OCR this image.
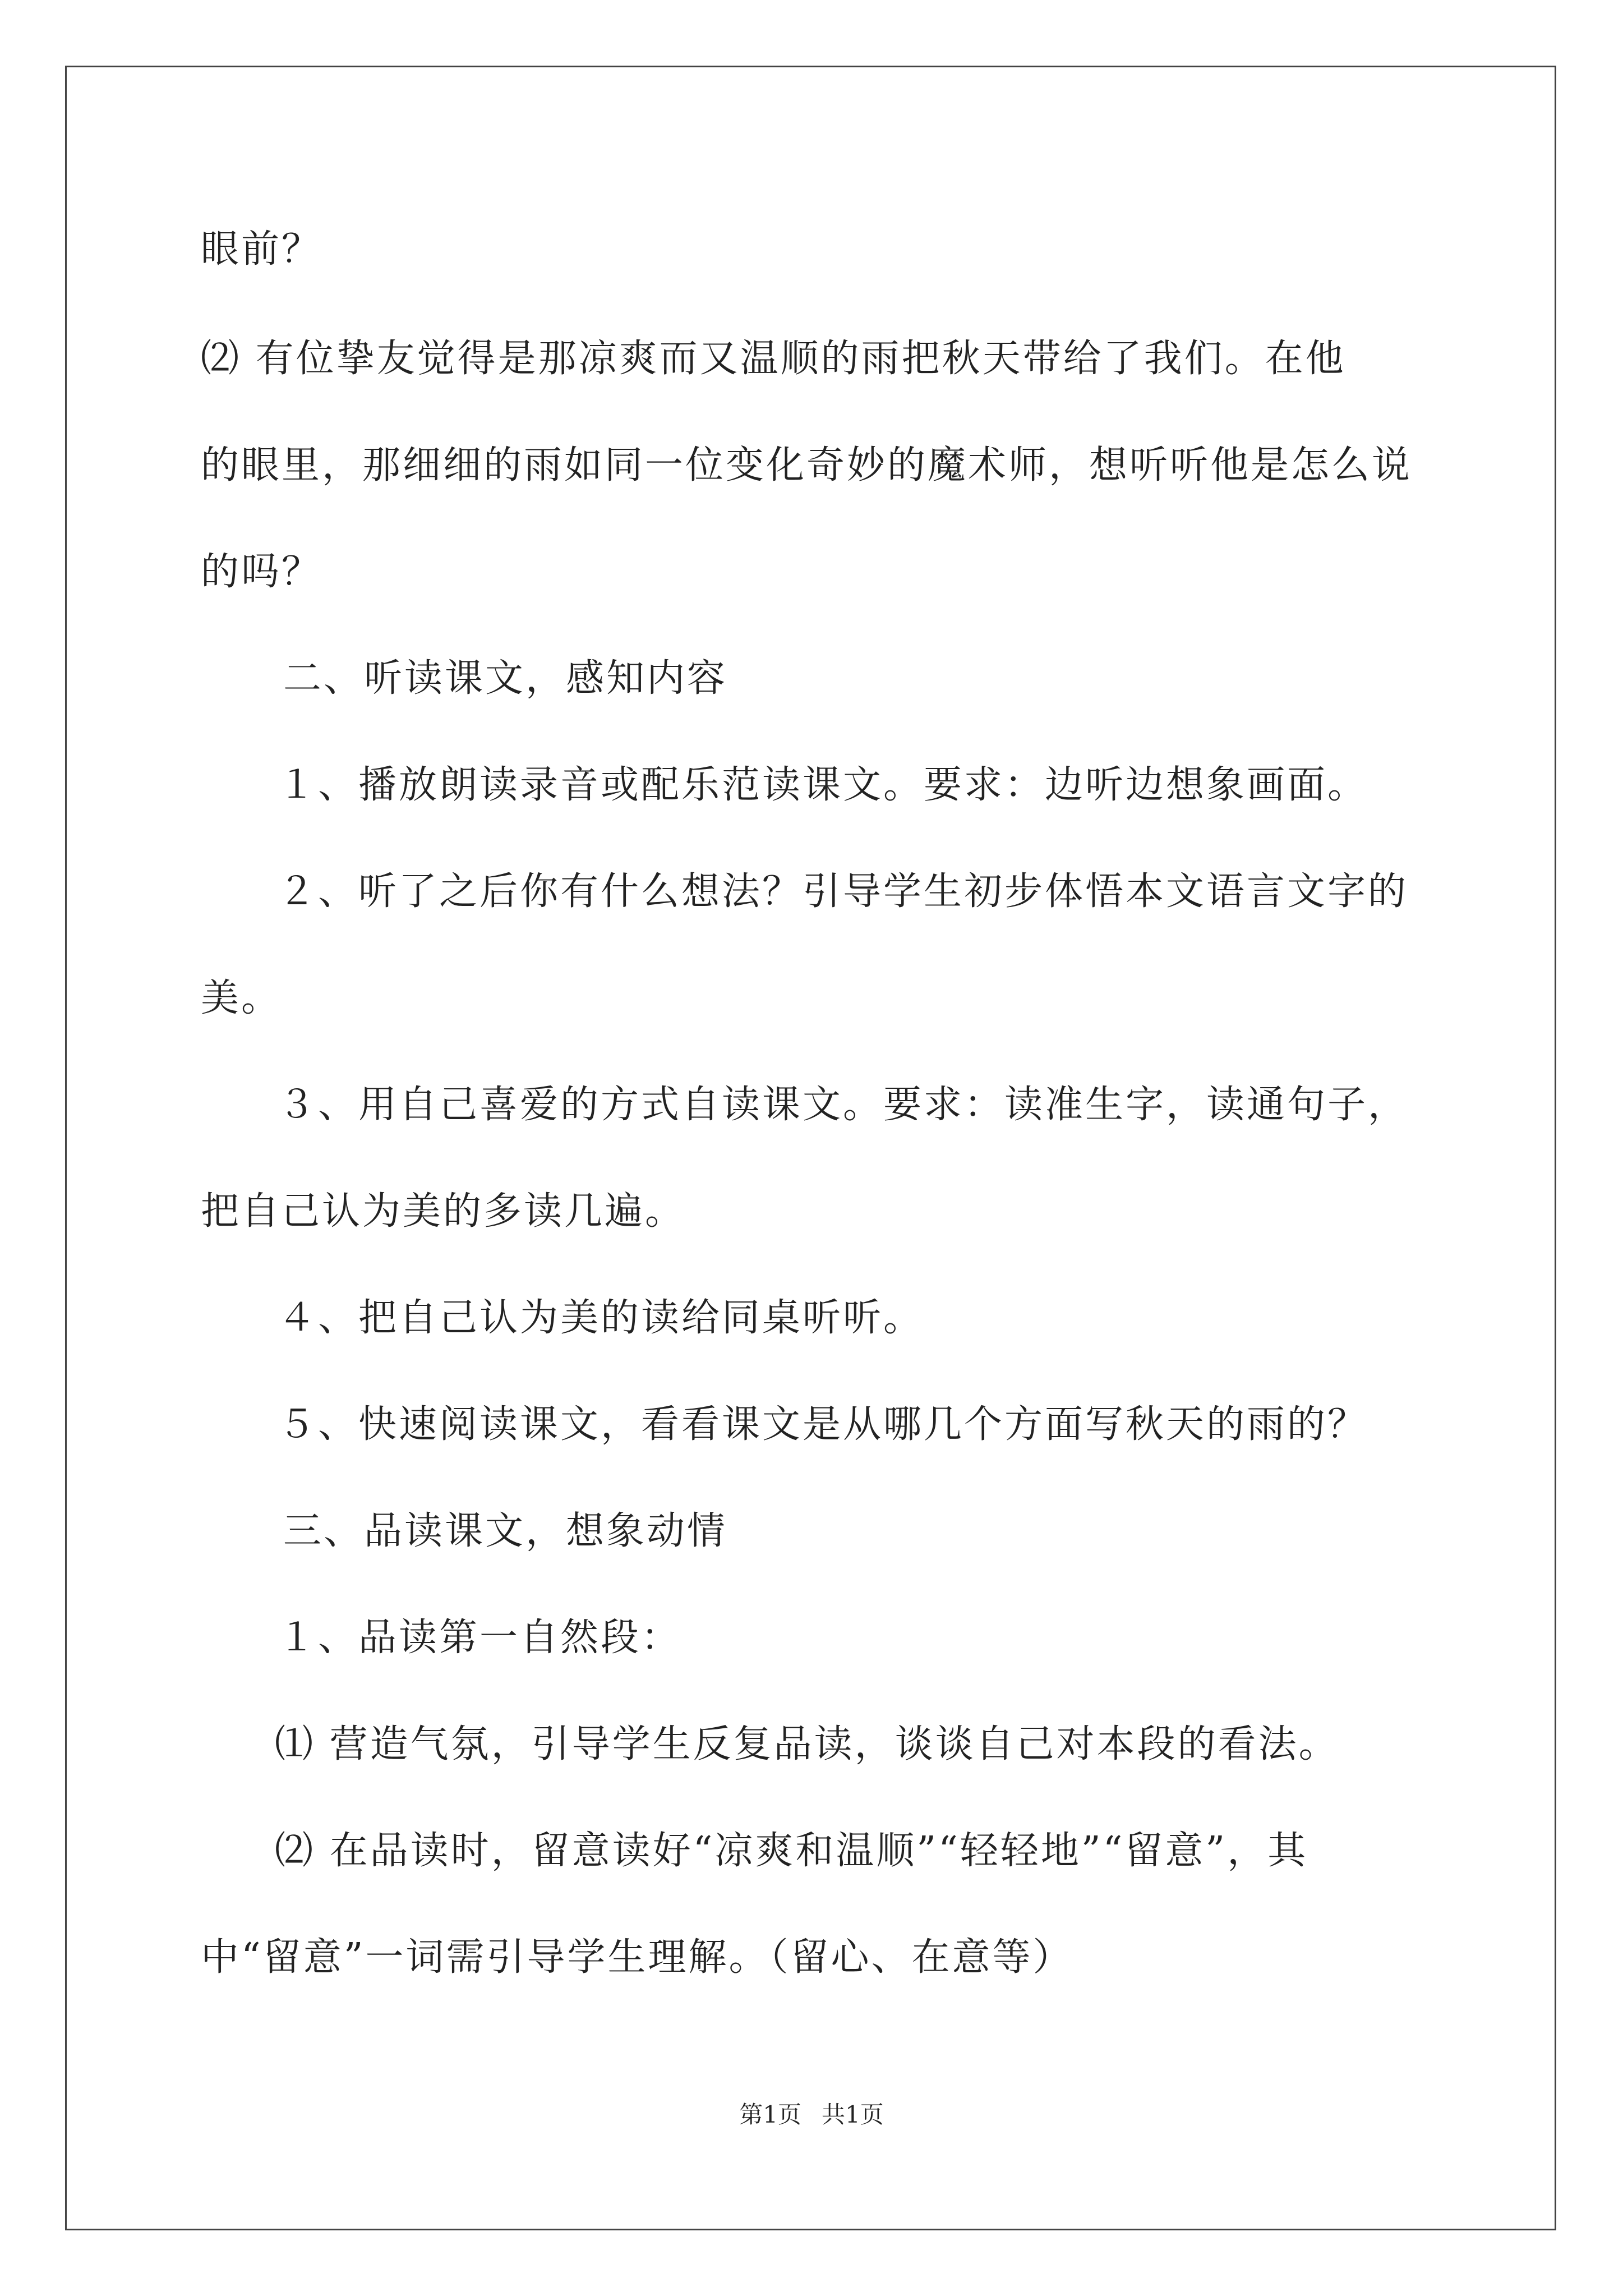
眼前？
⑵ 有位挚友觉得是那凉爽而又温顺的雨把秋天带给了我们。在他
的眼里，那细细的雨如同一位变化奇妙的魔术师，想听听他是怎么说
的吗？
二、听读课文，感知内容
１、播放朗读录音或配乐范读课文。要求：边听边想象画面。
２、听了之后你有什么想法？引导学生初步体悟本文语言文字的
美。
３、用自己喜爱的方式自读课文。要求：读准生字，读通句子，
把自己认为美的多读几遍。
４、把自己认为美的读给同桌听听。
５、快速阅读课文，看看课文是从哪几个方面写秋天的雨的？
三、品读课文，想象动情
１、品读第一自然段：
⑴ 营造气氛，引导学生反复品读，谈谈自己对本段的看法。
⑵ 在品读时，留意读好“凉爽和温顺”“轻轻地”“留意”，其
中“留意”一词需引导学生理解。（留心、在意等）
第1页 共1页
